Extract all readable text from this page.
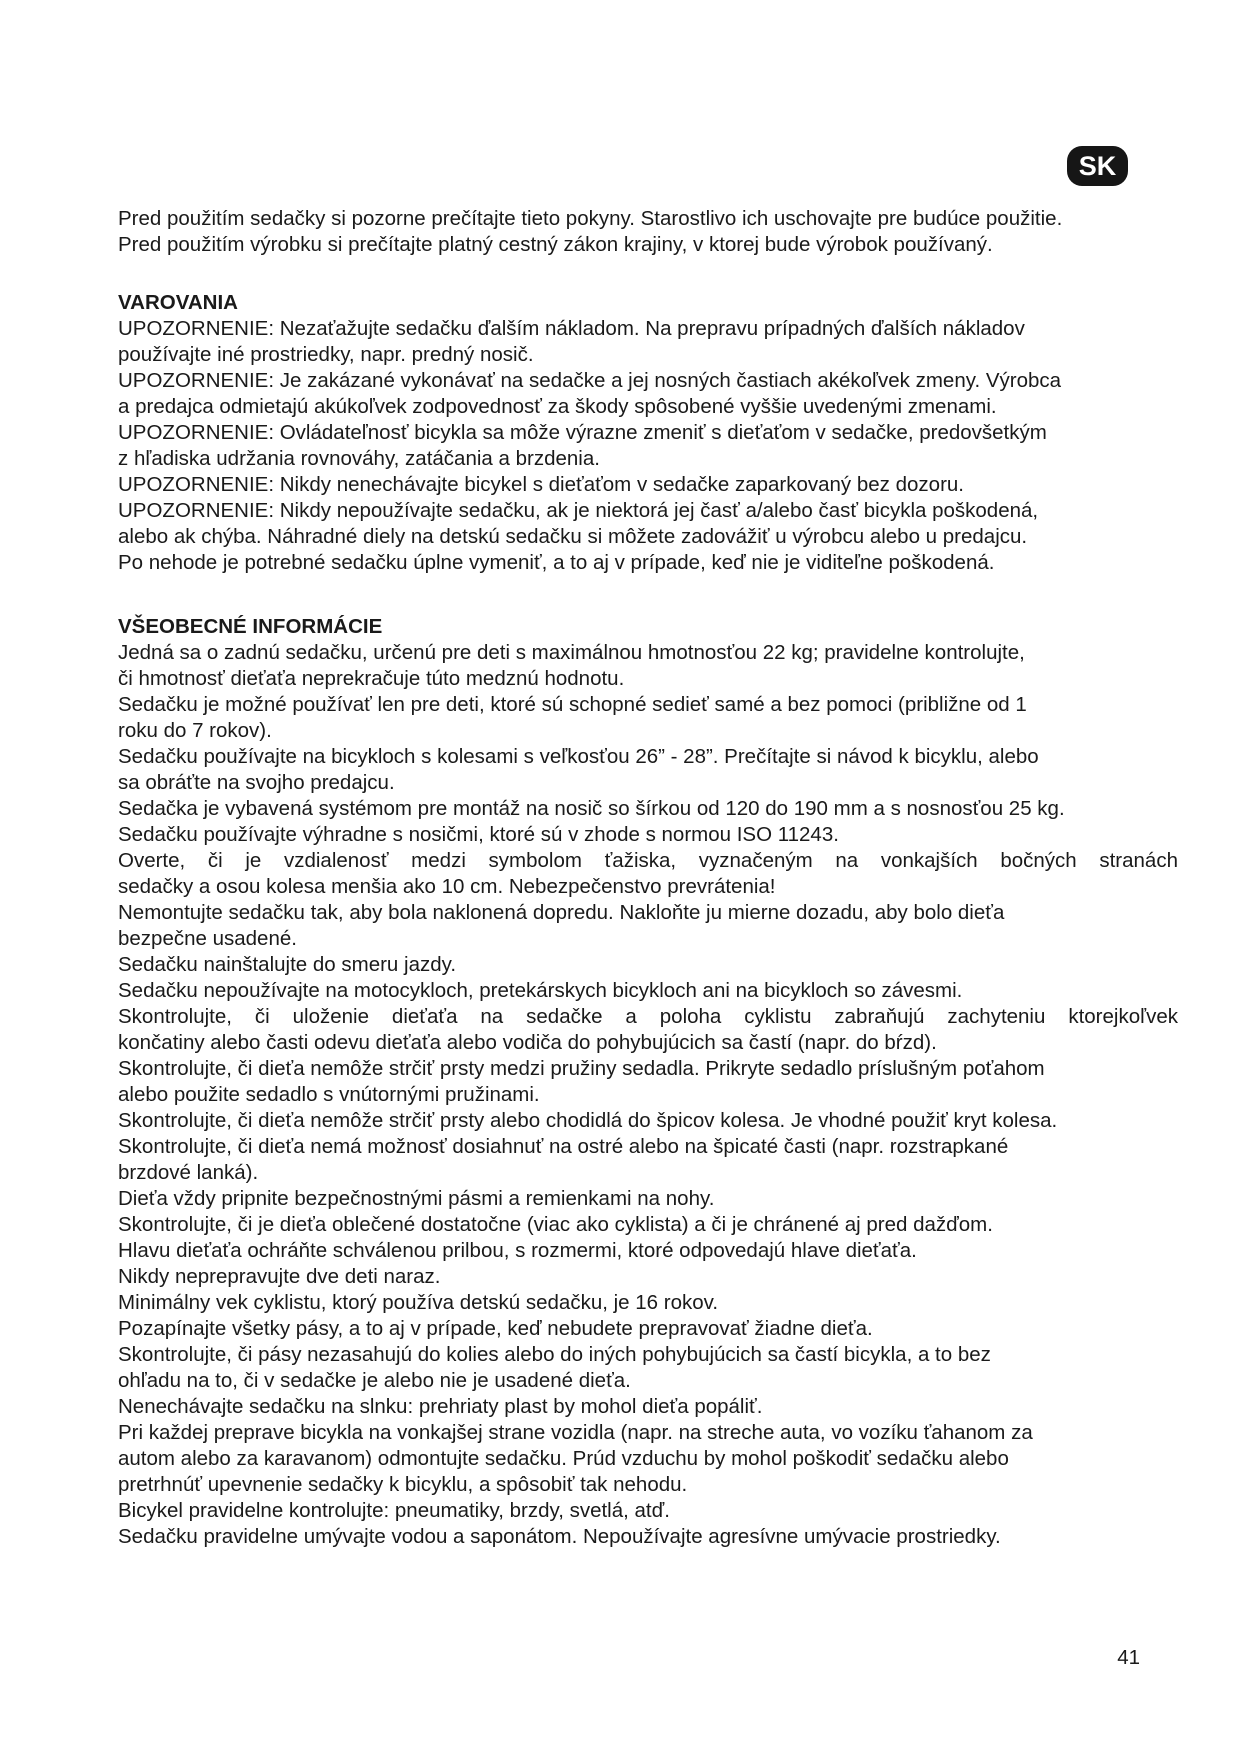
SK

Pred použitím sedačky si pozorne prečítajte tieto pokyny. Starostlivo ich uschovajte pre budúce použitie.

Pred použitím výrobku si prečítajte platný cestný zákon krajiny, v ktorej bude výrobok používaný.

VAROVANIA

UPOZORNENIE: Nezaťažujte sedačku ďalším nákladom. Na prepravu prípadných ďalších nákladov

používajte iné prostriedky, napr. predný nosič.

UPOZORNENIE: Je zakázané vykonávať na sedačke a jej nosných častiach akékoľvek zmeny. Výrobca

a predajca odmietajú akúkoľvek zodpovednosť za škody spôsobené vyššie uvedenými zmenami.

UPOZORNENIE: Ovládateľnosť bicykla sa môže výrazne zmeniť s dieťaťom v sedačke, predovšetkým

z hľadiska udržania rovnováhy, zatáčania a brzdenia.

UPOZORNENIE: Nikdy nenechávajte bicykel s dieťaťom v sedačke zaparkovaný bez dozoru.

UPOZORNENIE: Nikdy nepoužívajte sedačku, ak je niektorá jej časť a/alebo časť bicykla poškodená,

alebo ak chýba. Náhradné diely na detskú sedačku si môžete zadovážiť u výrobcu alebo u predajcu.

Po nehode je potrebné sedačku úplne vymeniť, a to aj v prípade, keď nie je viditeľne poškodená.

VŠEOBECNÉ INFORMÁCIE

Jedná sa o zadnú sedačku, určenú pre deti s maximálnou hmotnosťou 22 kg; pravidelne kontrolujte,

či hmotnosť dieťaťa neprekračuje túto medznú hodnotu.

Sedačku je možné používať len pre deti, ktoré sú schopné sedieť samé a bez pomoci (približne od 1

roku do 7 rokov).

Sedačku používajte na bicykloch s kolesami s veľkosťou 26” - 28”. Prečítajte si návod k bicyklu, alebo

sa obráťte na svojho predajcu.

Sedačka je vybavená systémom pre montáž na nosič so šírkou od 120 do 190 mm a s nosnosťou 25 kg.

Sedačku používajte výhradne s nosičmi, ktoré sú v zhode s normou ISO 11243.

Overte, či je vzdialenosť medzi symbolom ťažiska, vyznačeným na vonkajších bočných stranách

sedačky a osou kolesa menšia ako 10 cm. Nebezpečenstvo prevrátenia!

Nemontujte sedačku tak, aby bola naklonená dopredu. Nakloňte ju mierne dozadu, aby bolo dieťa

bezpečne usadené.

Sedačku nainštalujte do smeru jazdy.

Sedačku nepoužívajte na motocykloch, pretekárskych bicykloch ani na bicykloch so závesmi.

Skontrolujte, či uloženie dieťaťa na sedačke a poloha cyklistu zabraňujú zachyteniu ktorejkoľvek

končatiny alebo časti odevu dieťaťa alebo vodiča do pohybujúcich sa častí (napr. do bŕzd).

Skontrolujte, či dieťa nemôže strčiť prsty medzi pružiny sedadla. Prikryte sedadlo príslušným poťahom

alebo použite sedadlo s vnútornými pružinami.

Skontrolujte, či dieťa nemôže strčiť prsty alebo chodidlá do špicov kolesa. Je vhodné použiť kryt kolesa.

Skontrolujte, či dieťa nemá možnosť dosiahnuť na ostré alebo na špicaté časti (napr. rozstrapkané

brzdové lanká).

Dieťa vždy pripnite bezpečnostnými pásmi a remienkami na nohy.

Skontrolujte, či je dieťa oblečené dostatočne (viac ako cyklista) a či je chránené aj pred dažďom.

Hlavu dieťaťa ochráňte schválenou prilbou, s rozmermi, ktoré odpovedajú hlave dieťaťa.

Nikdy neprepravujte dve deti naraz.

Minimálny vek cyklistu, ktorý používa detskú sedačku, je 16 rokov.

Pozapínajte všetky pásy, a to aj v prípade, keď nebudete prepravovať žiadne dieťa.

Skontrolujte, či pásy nezasahujú do kolies alebo do iných pohybujúcich sa častí bicykla, a to bez

ohľadu na to, či v sedačke je alebo nie je usadené dieťa.

Nenechávajte sedačku na slnku: prehriaty plast by mohol dieťa popáliť.

Pri každej preprave bicykla na vonkajšej strane vozidla (napr. na streche auta, vo vozíku ťahanom za

autom alebo za karavanom) odmontujte sedačku. Prúd vzduchu by mohol poškodiť sedačku alebo

pretrhnúť upevnenie sedačky k bicyklu, a spôsobiť tak nehodu.

Bicykel pravidelne kontrolujte: pneumatiky, brzdy, svetlá, atď.

Sedačku pravidelne umývajte vodou a saponátom. Nepoužívajte agresívne umývacie prostriedky.

41
